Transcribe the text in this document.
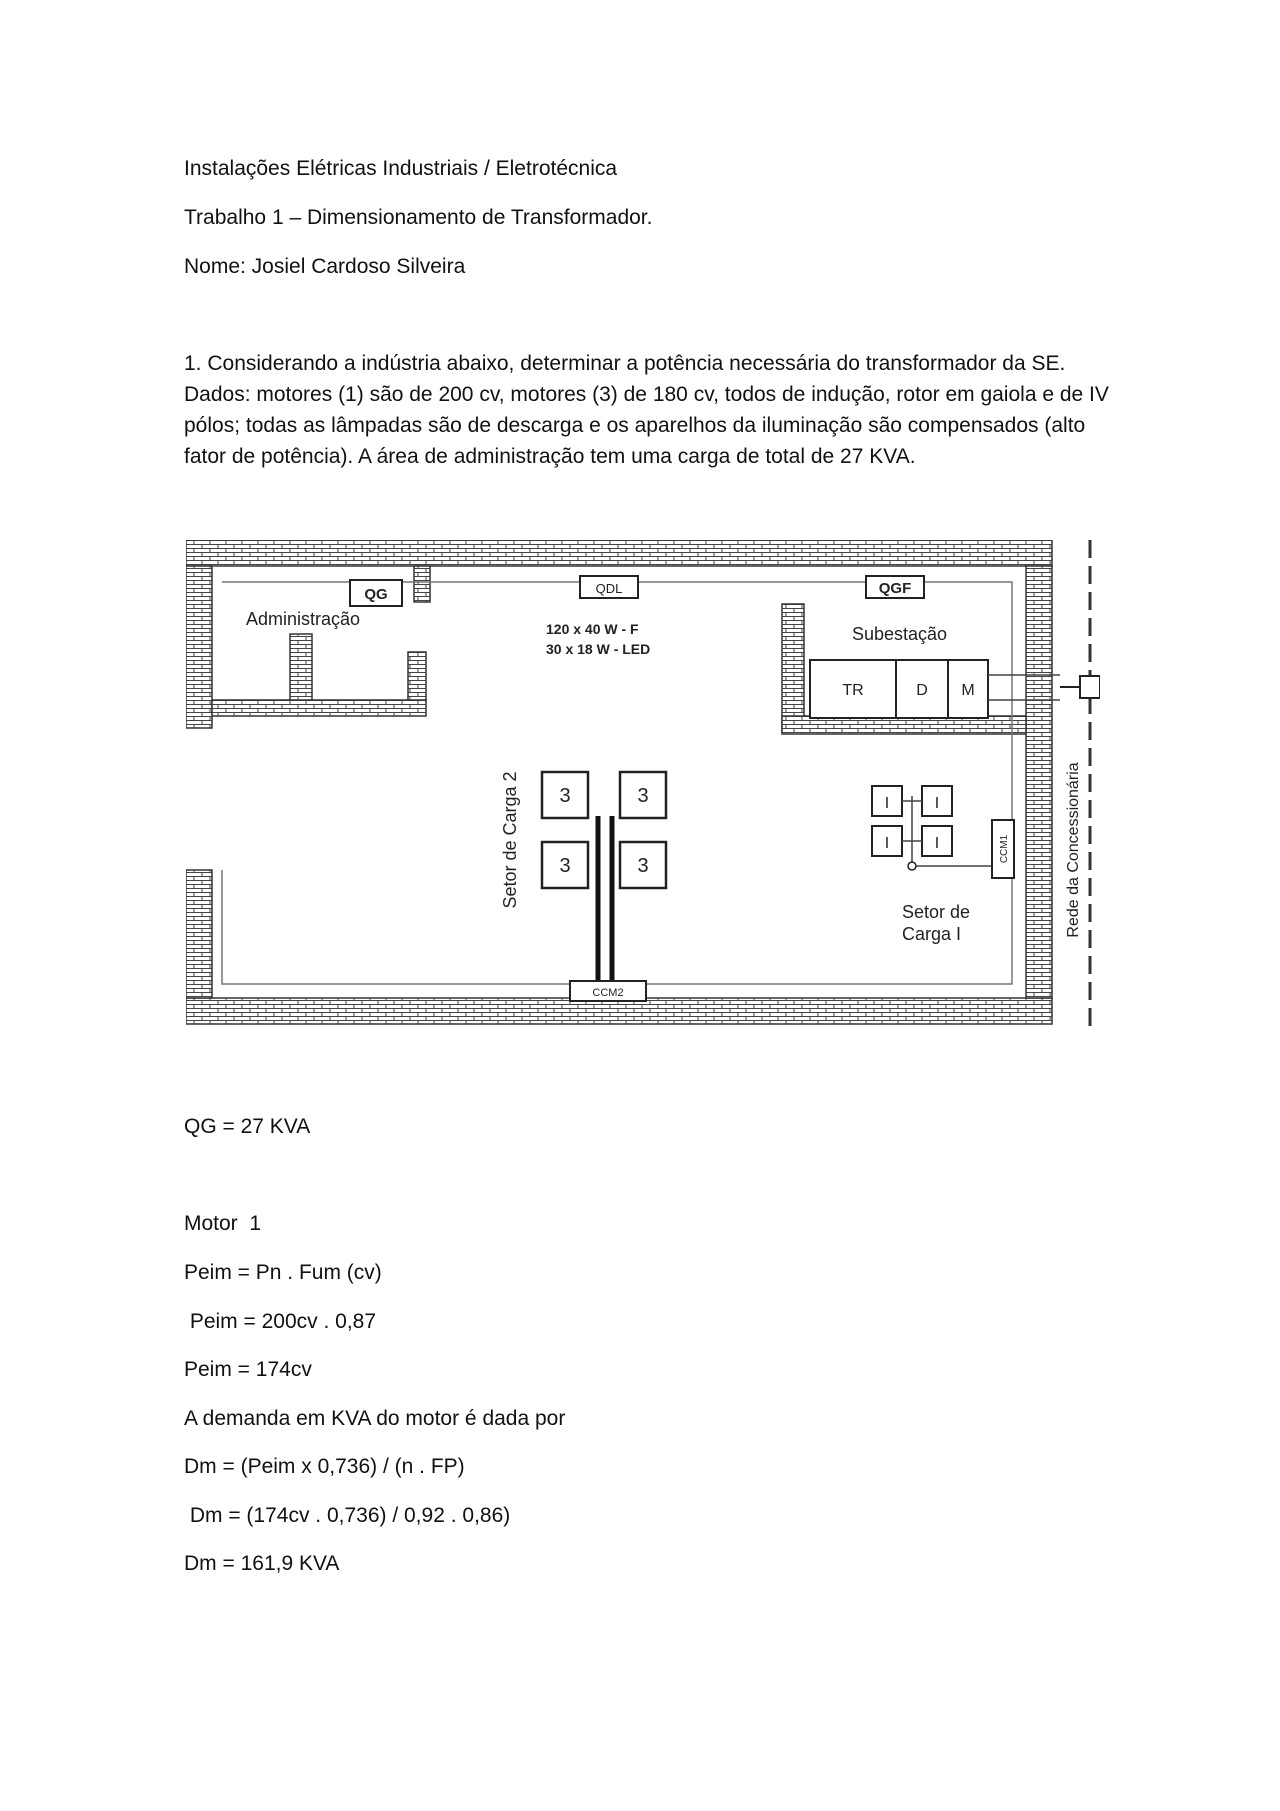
Instalações Elétricas Industriais / Eletrotécnica
Trabalho 1 – Dimensionamento de Transformador.
Nome: Josiel Cardoso Silveira
1. Considerando a indústria abaixo, determinar a potência necessária do transformador da SE. Dados: motores (1) são de 200 cv, motores (3) de 180 cv, todos de indução, rotor em gaiola e de IV pólos; todas as lâmpadas são de descarga e os aparelhos da iluminação são compensados (alto fator de potência). A área de administração tem uma carga de total de 27 KVA.
QG	QDL	QGF
Administração	120 x 40 W - F
30 x 18 W - LED
Subestação
TR	D M
Rede da Concessionária
3	3
3	3
CCM2
Setor de Carga 2	I	I
I	I	CCM1
Setor de
Carga I
QG = 27 KVA
Motor  1
Peim = Pn . Fum (cv)
Peim = 200cv . 0,87
Peim = 174cv
A demanda em KVA do motor é dada por
Dm = (Peim x 0,736) / (n . FP)
Dm = (174cv . 0,736) / 0,92 . 0,86)
Dm = 161,9 KVA
